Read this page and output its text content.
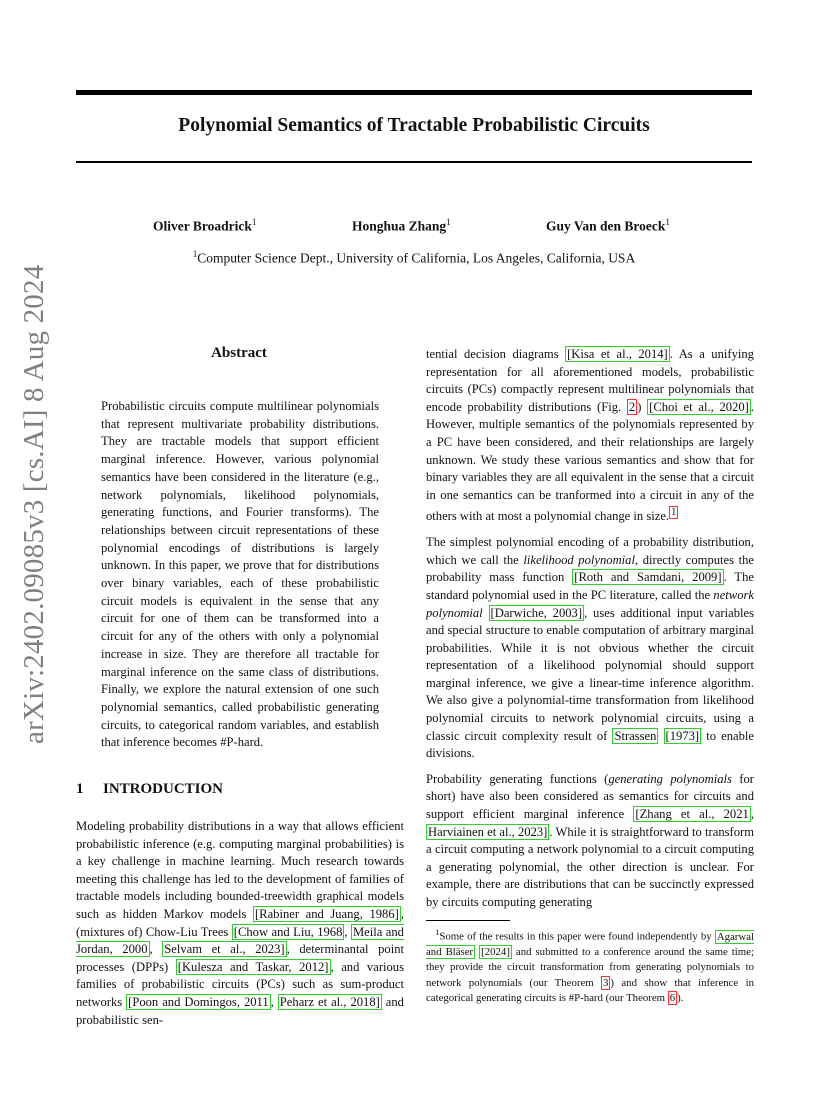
Polynomial Semantics of Tractable Probabilistic Circuits
Oliver Broadrick$^1$	Honghua Zhang$^1$	Guy Van den Broeck$^1$
$^1$Computer Science Dept., University of California, Los Angeles, California, USA
arXiv:2402.09085v3 [cs.AI] 8 Aug 2024	Abstract
Probabilistic circuits compute multilinear polynomials that represent multivariate probability distributions. They are tractable models that support efficient marginal inference. However, various polynomial semantics have been considered in the literature (e.g., network polynomials, likelihood polynomials, generating functions, and Fourier transforms). The relationships between circuit representations of these polynomial encodings of distributions is largely unknown. In this paper, we prove that for distributions over binary variables, each of these probabilistic circuit models is equivalent in the sense that any circuit for one of them can be transformed into a circuit for any of the others with only a polynomial increase in size. They are therefore all tractable for marginal inference on the same class of distributions. Finally, we explore the natural extension of one such polynomial semantics, called probabilistic generating circuits, to categorical random variables, and establish that inference becomes #P-hard.
1 INTRODUCTION
Modeling probability distributions in a way that allows efficient probabilistic inference (e.g. computing marginal probabilities) is a key challenge in machine learning. Much research towards meeting this challenge has led to the development of families of tractable models including bounded-treewidth graphical models such as hidden Markov models [Rabiner and Juang, 1986] , (mixtures of) Chow-Liu Trees [Chow and Liu, 1968 , Meila and Jordan, 2000 , Selvam et al., 2023] , determinantal point processes (DPPs) [Kulesza and Taskar, 2012] , and various families of probabilistic circuits (PCs) such as sum-product networks [Poon and Domingos, 2011 , Peharz et al., 2018] and probabilistic sen-

tential decision diagrams [Kisa et al., 2014] . As a unifying representation for all aforementioned models, probabilistic circuits (PCs) compactly represent multilinear polynomials that encode probability distributions (Fig. 2 ) [Choi et al., 2020] . However, multiple semantics of the polynomials represented by a PC have been considered, and their relationships are largely unknown. We study these various semantics and show that for binary variables they are all equivalent in the sense that a circuit in one semantics can be tranformed into a circuit in any of the others with at most a polynomial change in size. $^1$

The simplest polynomial encoding of a probability distribution, which we call the likelihood polynomial, directly computes the probability mass function [Roth and Samdani, 2009] . The standard polynomial used in the PC literature, called the network polynomial [Darwiche, 2003] , uses additional input variables and special structure to enable computation of arbitrary marginal probabilities. While it is not obvious whether the circuit representation of a likelihood polynomial should support marginal inference, we give a linear-time inference algorithm. We also give a polynomial-time transformation from likelihood polynomial circuits to network polynomial circuits, using a classic circuit complexity result of Strassen [1973] to enable divisions.

Probability generating functions (generating polynomials for short) have also been considered as semantics for circuits and support efficient marginal inference [Zhang et al., 2021 , Harviainen et al., 2023] . While it is straightforward to transform a circuit computing a network polynomial to a circuit computing a generating polynomial, the other direction is unclear. For example, there are distributions that can be succinctly expressed by circuits computing generating

$^1$Some of the results in this paper were found independently by Agarwal and Bläser [2024] and submitted to a conference around the same time; they provide the circuit transformation from generating polynomials to network polynomials (our Theorem 3 ) and show that inference in categorical generating circuits is #P-hard (our Theorem 6 ).
